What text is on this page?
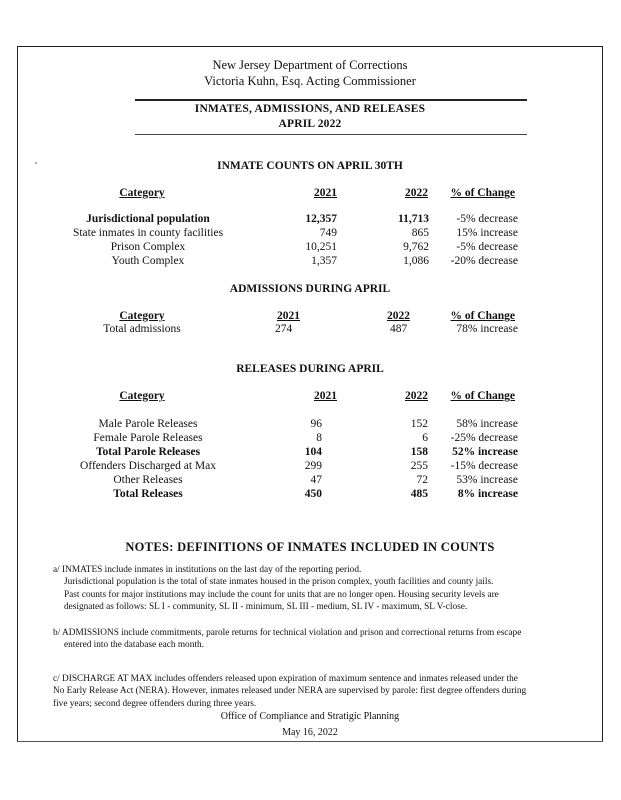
New Jersey Department of Corrections
Victoria Kuhn, Esq. Acting Commissioner
INMATES, ADMISSIONS, AND RELEASES
APRIL 2022
INMATE COUNTS ON APRIL 30TH
Category	2021	2022	% of Change
Jurisdictional population	12,357	11,713	-5% decrease
State inmates in county facilities	749	865	15% increase
Prison Complex	10,251	9,762	-5% decrease
Youth Complex	1,357	1,086	-20% decrease
ADMISSIONS DURING APRIL
Category	2021	2022	% of Change
Total admissions	274	487	78% increase
RELEASES DURING APRIL
Category	2021	2022	% of Change
Male Parole Releases	96	152	58% increase
Female Parole Releases	8	6	-25% decrease
Total Parole Releases	104	158	52% increase
Offenders Discharged at Max	299	255	-15% decrease
Other Releases	47	72	53% increase
Total Releases	450	485	8% increase
NOTES: DEFINITIONS OF INMATES INCLUDED IN COUNTS

a/ INMATES include inmates in institutions on the last day of the reporting period.

Jurisdictional population is the total of state inmates housed in the prison complex, youth facilities and county jails.

Past counts for major institutions may include the count for units that are no longer open. Housing security levels are

designated as follows: SL I - community, SL II - minimum, SL III - medium, SL IV - maximum, SL V-close.

b/ ADMISSIONS include commitments, parole returns for technical violation and prison and correctional returns from escape

entered into the database each month.

c/ DISCHARGE AT MAX includes offenders released upon expiration of maximum sentence and inmates released under the

No Early Release Act (NERA). However, inmates released under NERA are supervised by parole: first degree offenders during

five years; second degree offenders during three years.

Office of Compliance and Stratigic Planning
May 16, 2022
